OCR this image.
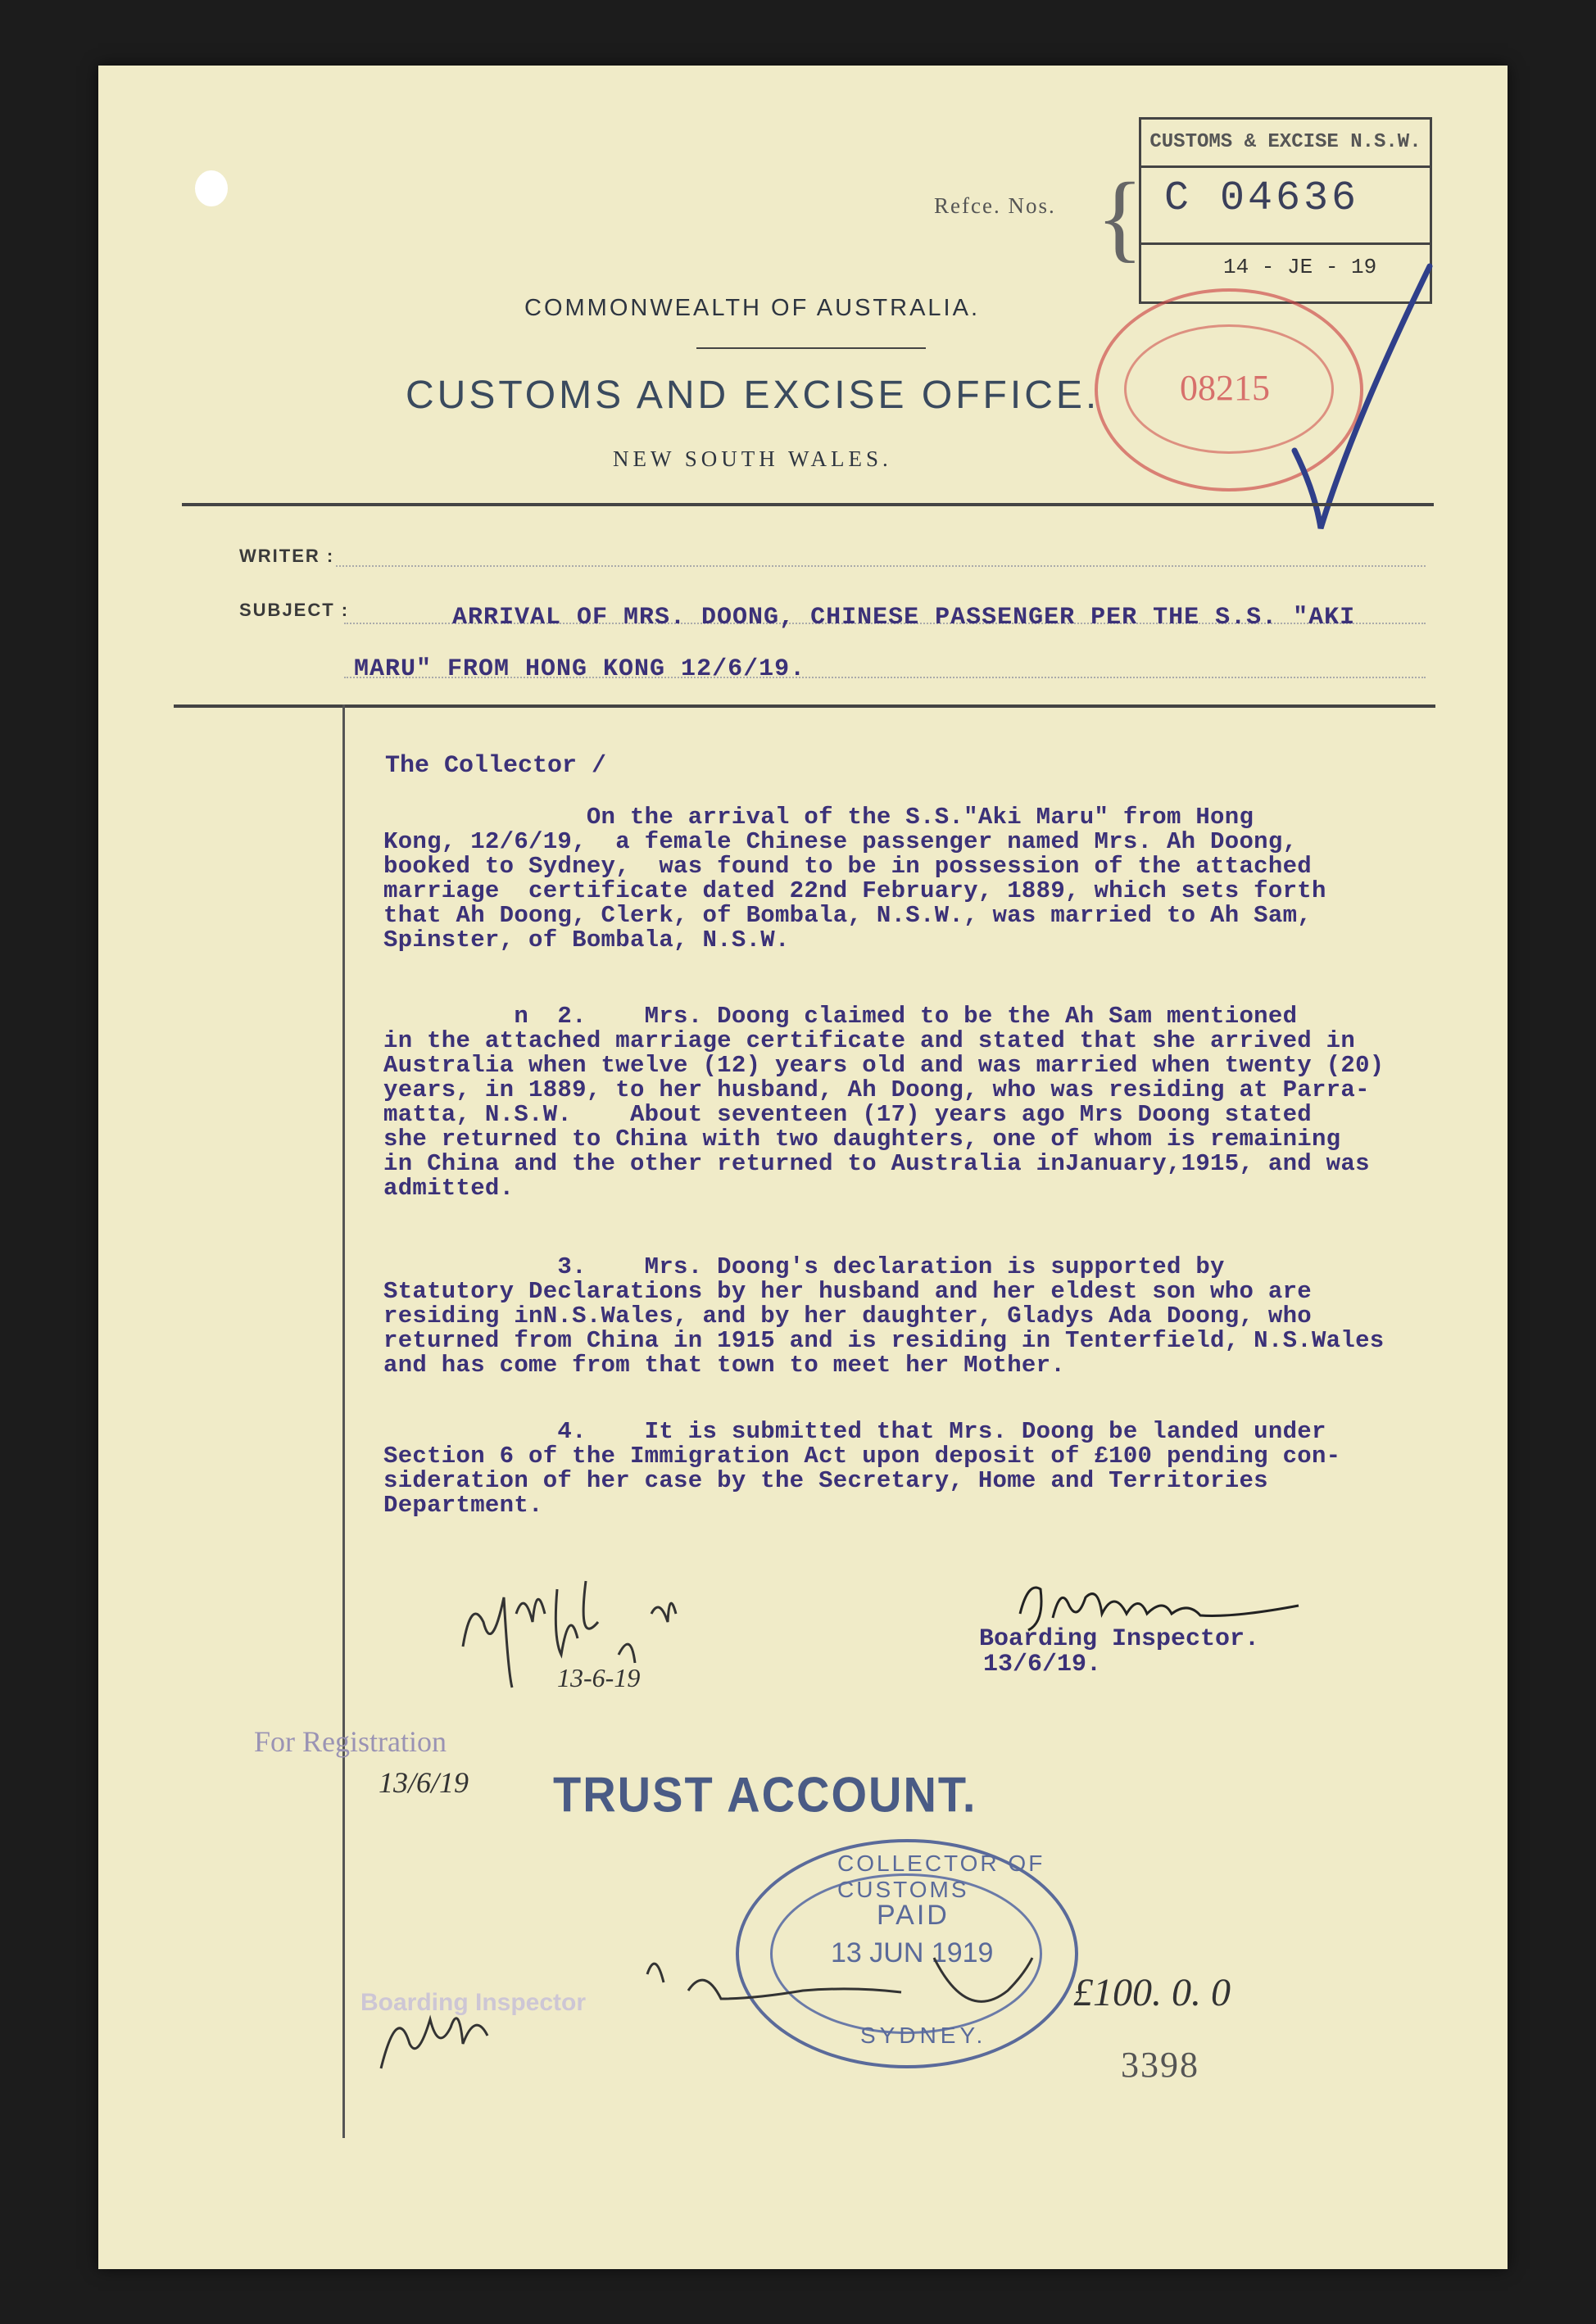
Refce. Nos. {
CUSTOMS & EXCISE N.S.W.
C 04636
14 - JE - 19
08215
COMMONWEALTH OF AUSTRALIA.
CUSTOMS AND EXCISE OFFICE.
NEW SOUTH WALES.
WRITER :
SUBJECT :	ARRIVAL OF MRS. DOONG, CHINESE PASSENGER PER THE S.S. "AKI
MARU" FROM HONG KONG 12/6/19.
The Collector /
On the arrival of the S.S."Aki Maru" from Hong
Kong, 12/6/19,  a female Chinese passenger named Mrs. Ah Doong,
booked to Sydney,  was found to be in possession of the attached
marriage  certificate dated 22nd February, 1889, which sets forth
that Ah Doong, Clerk, of Bombala, N.S.W., was married to Ah Sam,
Spinster, of Bombala, N.S.W.
n  2.    Mrs. Doong claimed to be the Ah Sam mentioned
in the attached marriage certificate and stated that she arrived in
Australia when twelve (12) years old and was married when twenty (20)
years, in 1889, to her husband, Ah Doong, who was residing at Parra-
matta, N.S.W.    About seventeen (17) years ago Mrs Doong stated
she returned to China with two daughters, one of whom is remaining
in China and the other returned to Australia inJanuary,1915, and was
admitted.
3.    Mrs. Doong's declaration is supported by
Statutory Declarations by her husband and her eldest son who are
residing inN.S.Wales, and by her daughter, Gladys Ada Doong, who
returned from China in 1915 and is residing in Tenterfield, N.S.Wales
and has come from that town to meet her Mother.
4.    It is submitted that Mrs. Doong be landed under
Section 6 of the Immigration Act upon deposit of £100 pending con-
sideration of her case by the Secretary, Home and Territories
Department.
Boarding Inspector.
13/6/19.
13-6-19
For Registration
13/6/19 TRUST ACCOUNT.
COLLECTOR OF CUSTOMS
PAID
13 JUN 1919
SYDNEY.
Boarding Inspector	£100. 0. 0
3398
